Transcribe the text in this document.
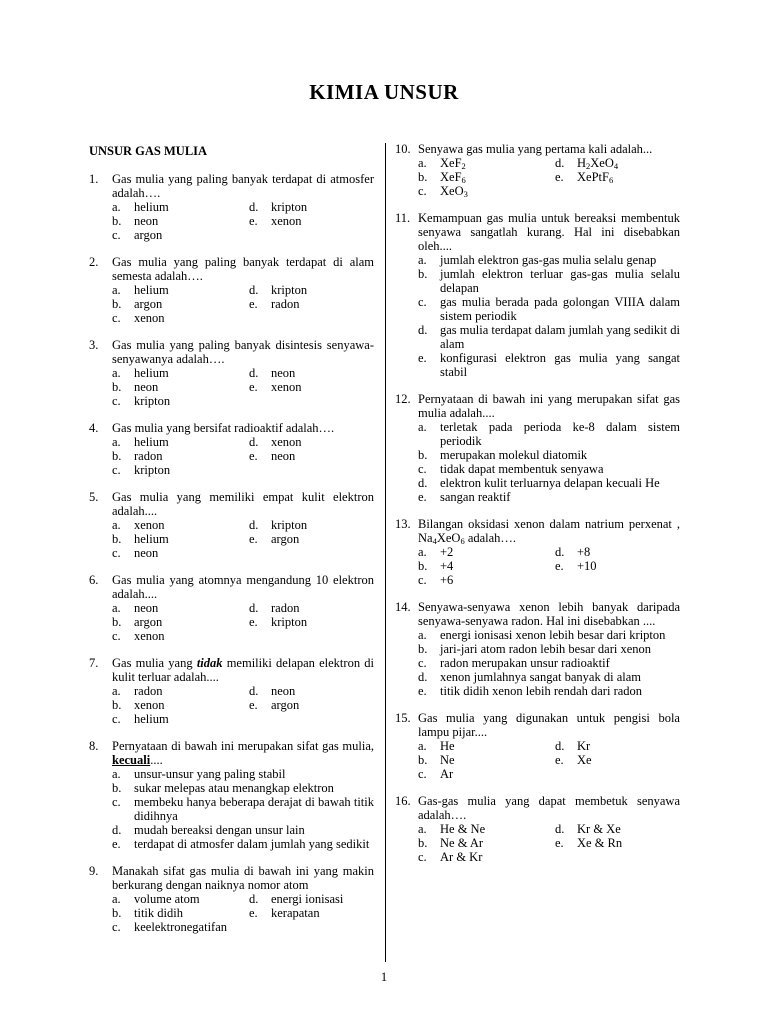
KIMIA UNSUR
UNSUR GAS MULIA
1.	Gas mulia yang paling banyak terdapat di atmosfer adalah….
a.	helium	d.	kripton
b.	neon	e.	xenon
c.	argon
2.	Gas mulia yang paling banyak terdapat di alam semesta adalah….
a.	helium	d.	kripton
b.	argon	e.	radon
c.	xenon
3.	Gas mulia yang paling banyak disintesis senyawa-senyawanya adalah….
a.	helium	d.	neon
b.	neon	e.	xenon
c.	kripton
4.	Gas mulia yang bersifat radioaktif adalah….
a.	helium	d.	xenon
b.	radon	e.	neon
c.	kripton
5.	Gas mulia yang memiliki empat kulit elektron adalah....
a.	xenon	d.	kripton
b.	helium	e.	argon
c.	neon
6.	Gas mulia yang atomnya mengandung 10 elektron adalah....
a.	neon	d.	radon
b.	argon	e.	kripton
c.	xenon
7.	Gas mulia yang tidak memiliki delapan elektron di kulit terluar adalah....
a.	radon	d.	neon
b.	xenon	e.	argon
c.	helium
8.	Pernyataan di bawah ini merupakan sifat gas mulia, kecuali....
a.	unsur-unsur yang paling stabil
b.	sukar melepas atau menangkap elektron
c.	membeku hanya beberapa derajat di bawah titik didihnya
d.	mudah bereaksi dengan unsur lain
e.	terdapat di atmosfer dalam jumlah yang sedikit
9.	Manakah sifat gas mulia di bawah ini yang makin berkurang dengan naiknya nomor atom
a.	volume atom	d.	energi ionisasi
b.	titik didih	e.	kerapatan
c.	keelektronegatifan
10. Senyawa gas mulia yang pertama kali adalah...
a.	XeF$_2$	d.	$H_2XeO_4$
b.	XeF$_6$	e.	XePtF$_6$
c.	XeO$_3$
11. Kemampuan gas mulia untuk bereaksi membentuk senyawa sangatlah kurang. Hal ini disebabkan oleh....
a.	jumlah elektron gas-gas mulia selalu genap
b.	jumlah elektron terluar gas-gas mulia selalu delapan
c.	gas mulia berada pada golongan VIIIA dalam sistem periodik
d.	gas mulia terdapat dalam jumlah yang sedikit di alam
e.	konfigurasi elektron gas mulia yang sangat stabil
12. Pernyataan di bawah ini yang merupakan sifat gas mulia adalah....
a.	terletak pada perioda ke-8 dalam sistem periodik
b.	merupakan molekul diatomik
c.	tidak dapat membentuk senyawa
d.	elektron kulit terluarnya delapan kecuali He
e.	sangan reaktif
13. Bilangan oksidasi xenon dalam natrium perxenat , $Na_4XeO_6$ adalah….
a.	+2	d.	+8
b.	+4	e.	+10
c.	+6
14. Senyawa-senyawa xenon lebih banyak daripada senyawa-senyawa radon. Hal ini disebabkan ....
a.	energi ionisasi xenon lebih besar dari kripton
b.	jari-jari atom radon lebih besar dari xenon
c.	radon merupakan unsur radioaktif
d.	xenon jumlahnya sangat banyak di alam
e.	titik didih xenon lebih rendah dari radon
15. Gas mulia yang digunakan untuk pengisi bola lampu pijar....
a.	He	d.	Kr
b.	Ne	e.	Xe
c.	Ar
16. Gas-gas mulia yang dapat membetuk senyawa adalah….
a.	He & Ne	d.	Kr & Xe
b.	Ne & Ar	e.	Xe & Rn
c.	Ar & Kr
1
